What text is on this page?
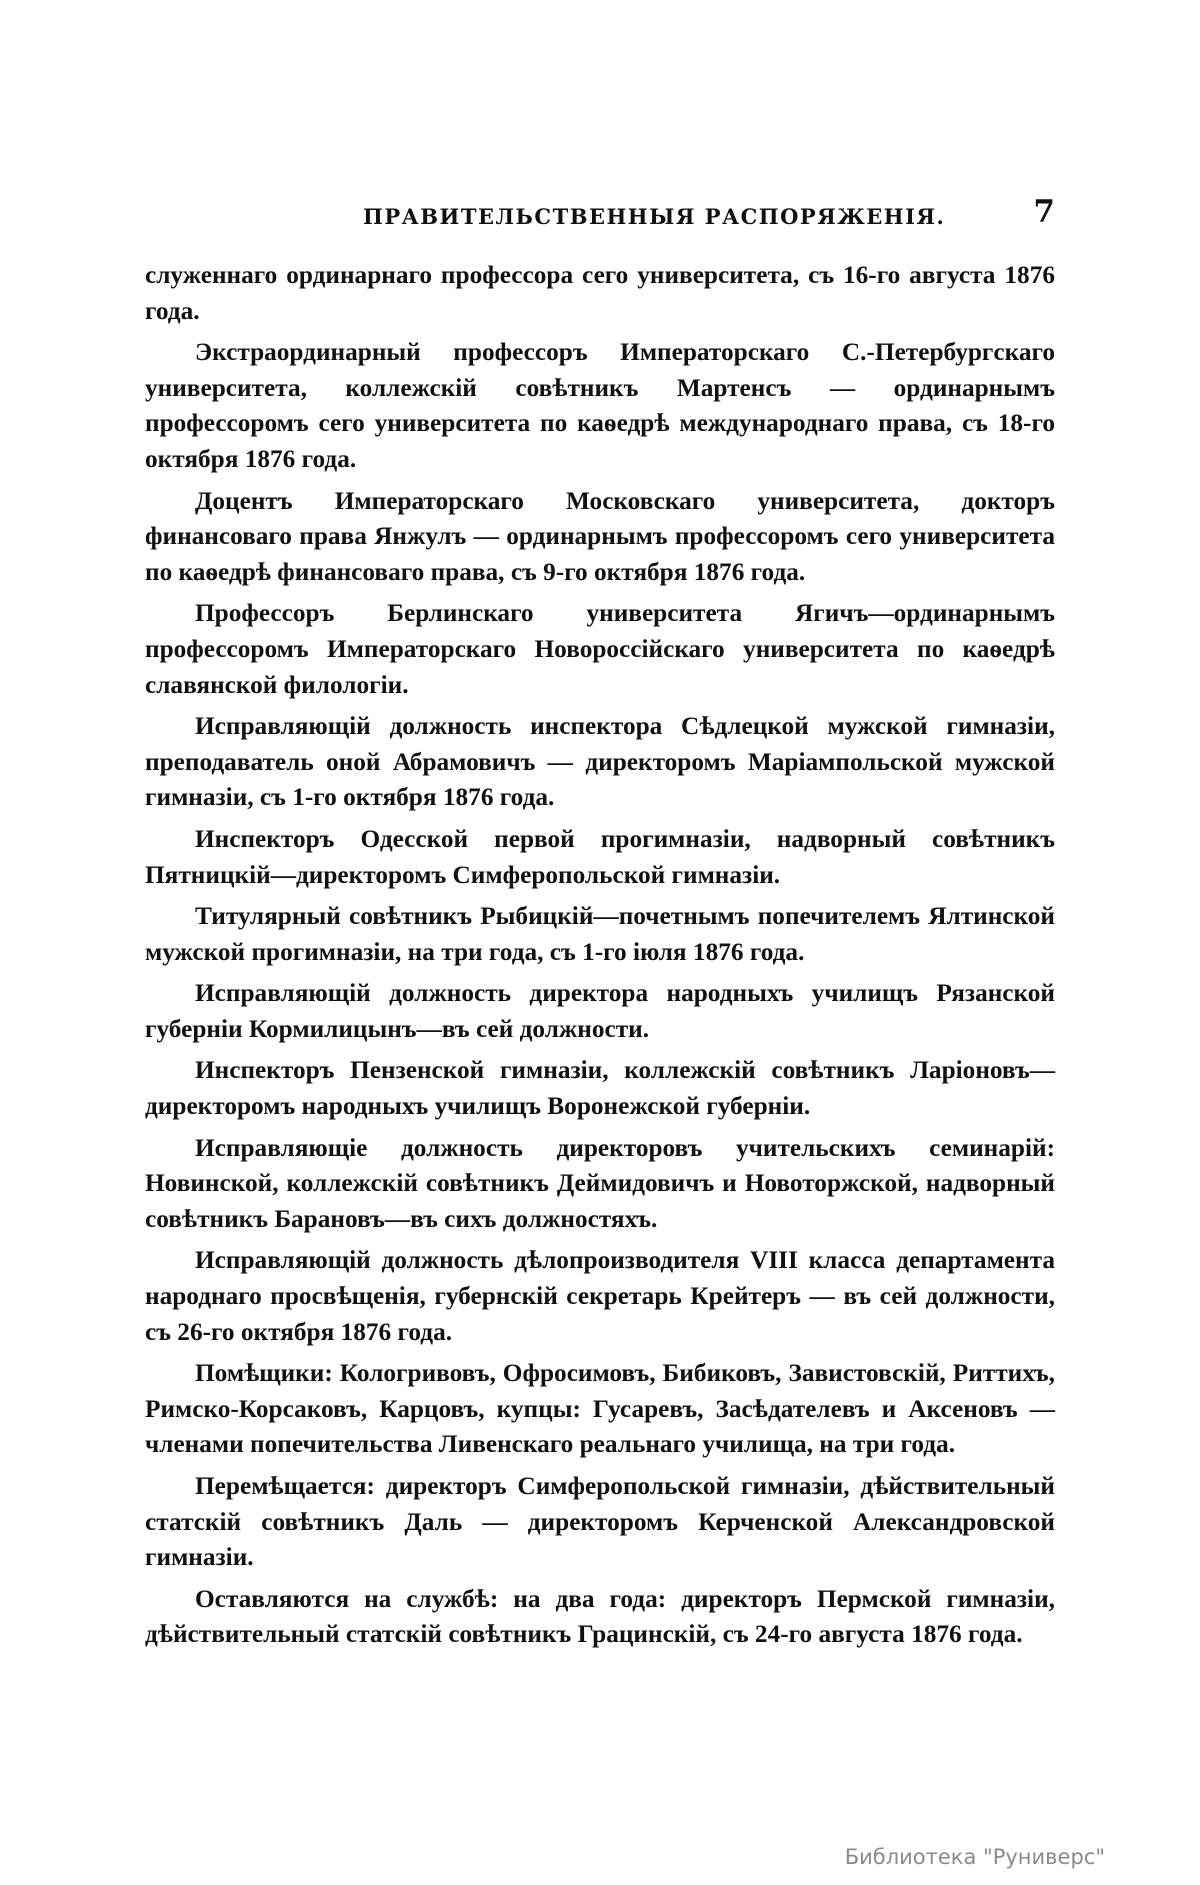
ПРАВИТЕЛЬСТВЕННЫЯ РАСПОРЯЖЕНІЯ.	7

служеннаго ординарнаго профессора сего университета, съ 16-го августа 1876 года.

Экстраординарный профессоръ Императорскаго С.-Петербургскаго университета, коллежскій совѣтникъ Мартенсъ — ординарнымъ профессоромъ сего университета по каѳедрѣ международнаго права, съ 18-го октября 1876 года.

Доцентъ Императорскаго Московскаго университета, докторъ финансоваго права Янжулъ — ординарнымъ профессоромъ сего университета по каѳедрѣ финансоваго права, съ 9-го октября 1876 года.

Профессоръ Берлинскаго университета Ягичъ—ординарнымъ профессоромъ Императорскаго Новороссійскаго университета по каѳедрѣ славянской филологіи.

Исправляющій должность инспектора Сѣдлецкой мужской гимназіи, преподаватель оной Абрамовичъ — директоромъ Маріампольской мужской гимназіи, съ 1-го октября 1876 года.

Инспекторъ Одесской первой прогимназіи, надворный совѣтникъ Пятницкій—директоромъ Симферопольской гимназіи.

Титулярный совѣтникъ Рыбицкій—почетнымъ попечителемъ Ялтинской мужской прогимназіи, на три года, съ 1-го іюля 1876 года.

Исправляющій должность директора народныхъ училищъ Рязанской губерніи Кормилицынъ—въ сей должности.

Инспекторъ Пензенской гимназіи, коллежскій совѣтникъ Ларіоновъ—директоромъ народныхъ училищъ Воронежской губерніи.

Исправляющіе должность директоровъ учительскихъ семинарій: Новинской, коллежскій совѣтникъ Деймидовичъ и Новоторжской, надворный совѣтникъ Барановъ—въ сихъ должностяхъ.

Исправляющій должность дѣлопроизводителя VIII класса департамента народнаго просвѣщенія, губернскій секретарь Крейтеръ — въ сей должности, съ 26-го октября 1876 года.

Помѣщики: Кологривовъ, Офросимовъ, Бибиковъ, Завистовскій, Риттихъ, Римско-Корсаковъ, Карцовъ, купцы: Гусаревъ, Засѣдателевъ и Аксеновъ — членами попечительства Ливенскаго реальнаго училища, на три года.

Перемѣщается: директоръ Симферопольской гимназіи, дѣйствительный статскій совѣтникъ Даль — директоромъ Керченской Александровской гимназіи.

Оставляются на службѣ: на два года: директоръ Пермской гимназіи, дѣйствительный статскій совѣтникъ Грацинскій, съ 24-го августа 1876 года.

Библиотека "Руниверс"
